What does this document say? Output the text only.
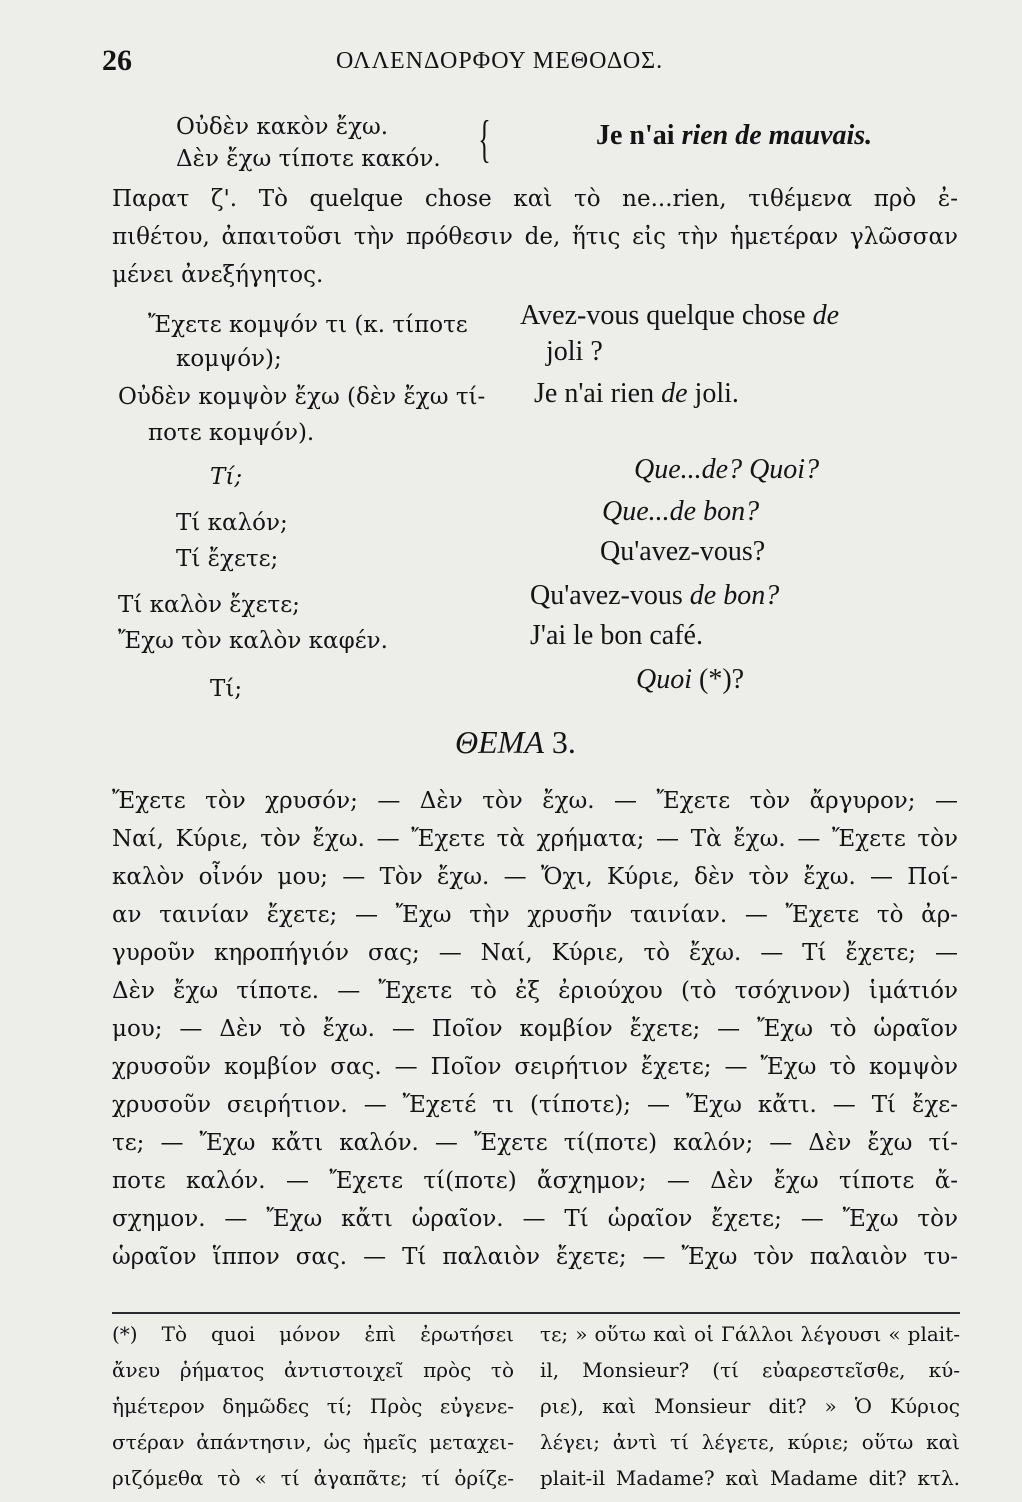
26	ΟΛΛΕΝΔΟΡΦΟΥ ΜΕΘΟΔΟΣ.
Οὐδὲν κακὸν ἔχω.
Δὲν ἔχω τίποτε κακόν. {	Je n'ai rien de mauvais.
Παρατ ζ'. Τὸ quelque chose καὶ τὸ ne...rien, τιθέμενα πρὸ ἐ-
πιθέτου, ἀπαιτοῦσι τὴν πρόθεσιν de, ἥτις εἰς τὴν ἡμετέραν γλῶσσαν
μένει ἀνεξήγητος.
Ἔχετε κομψόν τι (κ. τίποτε
κομψόν);
Οὐδὲν κομψὸν ἔχω (δὲν ἔχω τί-
ποτε κομψόν).
Τί;
Τί καλόν;
Τί ἔχετε;
Τί καλὸν ἔχετε;
Ἔχω τὸν καλὸν καφέν.
Τί;
Avez-vous quelque chose de
joli ?
Je n'ai rien de joli.
Que...de? Quoi?
Que...de bon?
Qu'avez-vous?
Qu'avez-vous de bon?
J'ai le bon café.
Quoi (*)?
ΘΕΜΑ 3.
Ἔχετε τὸν χρυσόν; — Δὲν τὸν ἔχω. — Ἔχετε τὸν ἄργυρον; —
Ναί, Κύριε, τὸν ἔχω. — Ἔχετε τὰ χρήματα; — Τὰ ἔχω. — Ἔχετε τὸν
καλὸν οἶνόν μου; — Τὸν ἔχω. — Ὄχι, Κύριε, δὲν τὸν ἔχω. — Ποί-
αν ταινίαν ἔχετε; — Ἔχω τὴν χρυσῆν ταινίαν. — Ἔχετε τὸ ἀρ-
γυροῦν κηροπήγιόν σας; — Ναί, Κύριε, τὸ ἔχω. — Τί ἔχετε; —
Δὲν ἔχω τίποτε. — Ἔχετε τὸ ἐξ ἐριούχου (τὸ τσόχινον) ἱμάτιόν
μου; — Δὲν τὸ ἔχω. — Ποῖον κομβίον ἔχετε; — Ἔχω τὸ ὡραῖον
χρυσοῦν κομβίον σας. — Ποῖον σειρήτιον ἔχετε; — Ἔχω τὸ κομψὸν
χρυσοῦν σειρήτιον. — Ἔχετέ τι (τίποτε); — Ἔχω κἄτι. — Τί ἔχε-
τε; — Ἔχω κἄτι καλόν. — Ἔχετε τί(ποτε) καλόν; — Δὲν ἔχω τί-
ποτε καλόν. — Ἔχετε τί(ποτε) ἄσχημον; — Δὲν ἔχω τίποτε ἄ-
σχημον. — Ἔχω κἄτι ὡραῖον. — Τί ὡραῖον ἔχετε; — Ἔχω τὸν
ὡραῖον ἵππον σας. — Τί παλαιὸν ἔχετε; — Ἔχω τὸν παλαιὸν τυ-
(*) Τὸ quoi μόνον ἐπὶ ἐρωτήσει
ἄνευ ῥήματος ἀντιστοιχεῖ πρὸς τὸ
ἡμέτερον δημῶδες τί; Πρὸς εὐγενε-
στέραν ἀπάντησιν, ὡς ἡμεῖς μεταχει-
ριζόμεθα τὸ « τί ἀγαπᾶτε; τί ὁρίζε-
τε; » οὕτω καὶ οἱ Γάλλοι λέγουσι « plait-
il, Monsieur? (τί εὐαρεστεῖσθε, κύ-
ριε), καὶ Monsieur dit? » Ὁ Κύριος
λέγει; ἀντὶ τί λέγετε, κύριε; οὕτω καὶ
plait-il Madame? καὶ Madame dit? κτλ.
